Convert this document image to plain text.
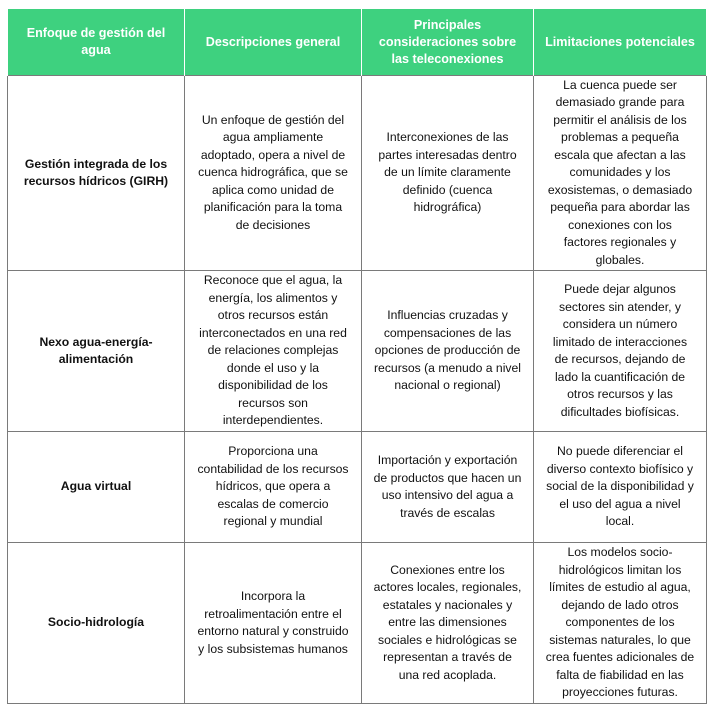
Enfoque de gestión del agua	Descripciones general	Principales consideraciones sobre las teleconexiones	Limitaciones potenciales
Gestión integrada de los recursos hídricos (GIRH)	Un enfoque de gestión del agua ampliamente adoptado, opera a nivel de cuenca hidrográfica, que se aplica como unidad de planificación para la toma de decisiones	Interconexiones de las partes interesadas dentro de un límite claramente definido (cuenca hidrográfica)	La cuenca puede ser demasiado grande para permitir el análisis de los problemas a pequeña escala que afectan a las comunidades y los exosistemas, o demasiado pequeña para abordar las conexiones con los factores regionales y globales.
Nexo agua-energía-alimentación	Reconoce que el agua, la energía, los alimentos y otros recursos están interconectados en una red de relaciones complejas donde el uso y la disponibilidad de los recursos son interdependientes.	Influencias cruzadas y compensaciones de las opciones de producción de recursos (a menudo a nivel nacional o regional)	Puede dejar algunos sectores sin atender, y considera un número limitado de interacciones de recursos, dejando de lado la cuantificación de otros recursos y las dificultades biofísicas.
Agua virtual	Proporciona una contabilidad de los recursos hídricos, que opera a escalas de comercio regional y mundial	Importación y exportación de productos que hacen un uso intensivo del agua a través de escalas	No puede diferenciar el diverso contexto biofísico y social de la disponibilidad y el uso del agua a nivel local.
Socio-hidrología	Incorpora la retroalimentación entre el entorno natural y construido y los subsistemas humanos	Conexiones entre los actores locales, regionales, estatales y nacionales y entre las dimensiones sociales e hidrológicas se representan a través de una red acoplada.	Los modelos socio-hidrológicos limitan los límites de estudio al agua, dejando de lado otros componentes de los sistemas naturales, lo que crea fuentes adicionales de falta de fiabilidad en las proyecciones futuras.
